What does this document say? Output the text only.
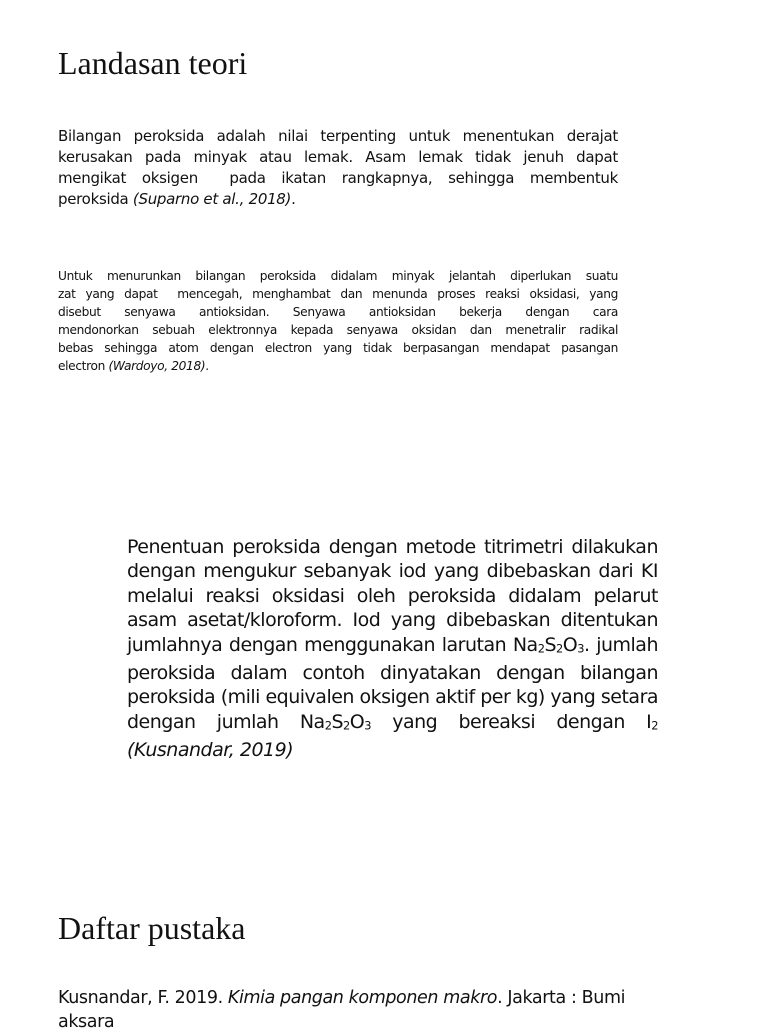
Landasan teori
Bilangan peroksida adalah nilai terpenting untuk menentukan derajat
kerusakan pada minyak atau lemak. Asam lemak tidak jenuh dapat
mengikat oksigen  pada ikatan rangkapnya, sehingga membentuk
peroksida (Suparno et al., 2018).
Untuk menurunkan bilangan peroksida didalam minyak jelantah diperlukan suatu
zat yang dapat  mencegah, menghambat dan menunda proses reaksi oksidasi, yang
disebut senyawa antioksidan. Senyawa antioksidan bekerja dengan cara
mendonorkan sebuah elektronnya kepada senyawa oksidan dan menetralir radikal
bebas sehingga atom dengan electron yang tidak berpasangan mendapat pasangan
electron (Wardoyo, 2018).
Penentuan peroksida dengan metode titrimetri dilakukan
dengan mengukur sebanyak iod yang dibebaskan dari KI
melalui reaksi oksidasi oleh peroksida didalam pelarut
asam asetat/kloroform. Iod yang dibebaskan ditentukan
jumlahnya dengan menggunakan larutan Na2S2O3. jumlah
peroksida dalam contoh dinyatakan dengan bilangan
peroksida (mili equivalen oksigen aktif per kg) yang setara
dengan jumlah Na2S2O3 yang bereaksi dengan I2
(Kusnandar, 2019)
Daftar pustaka
Kusnandar, F. 2019. Kimia pangan komponen makro. Jakarta : Bumi
aksara
